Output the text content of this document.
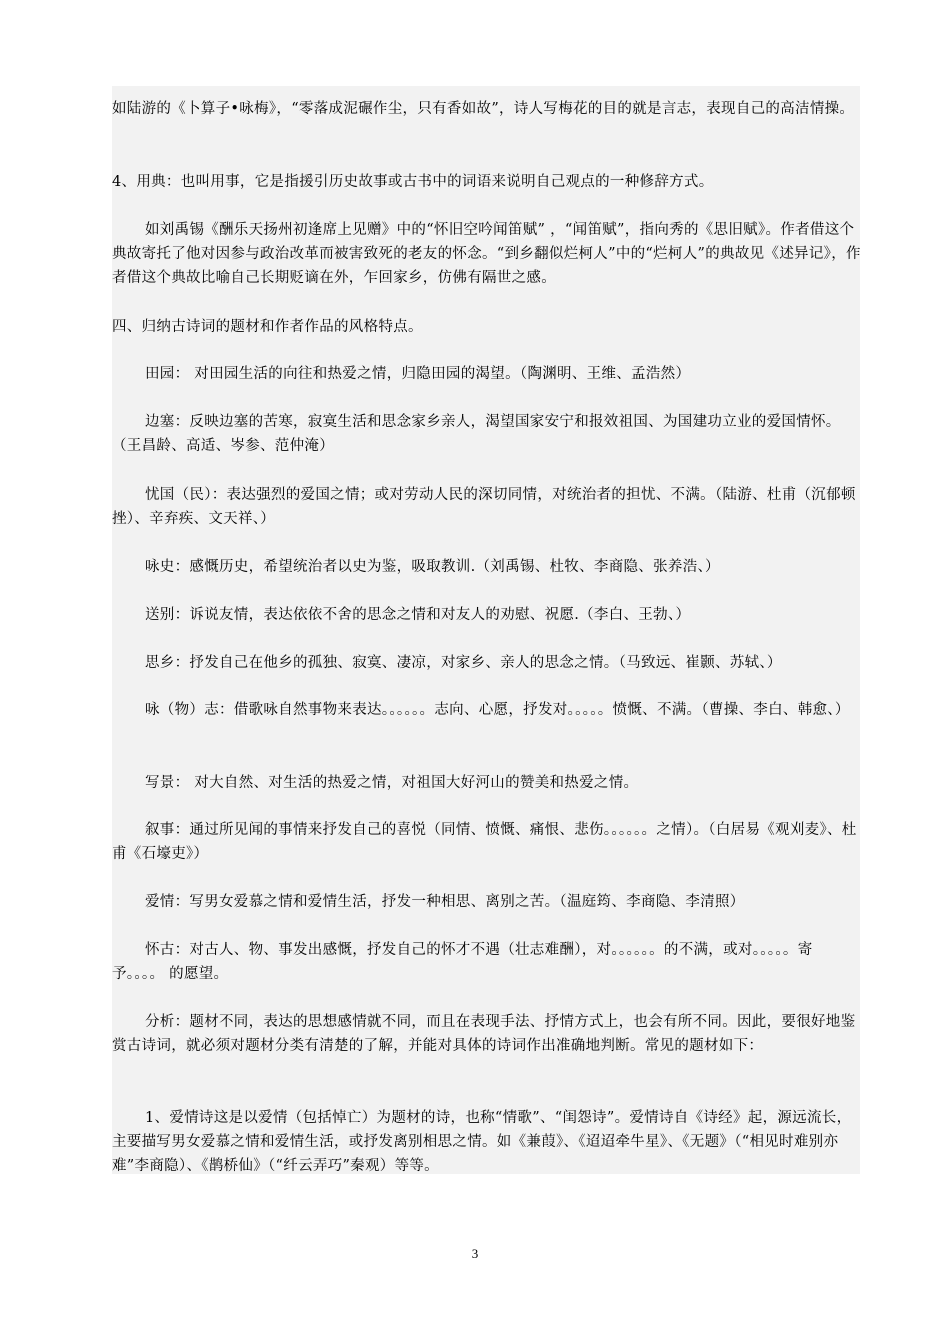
如陆游的《卜算子•咏梅》，“零落成泥碾作尘，只有香如故”，诗人写梅花的目的就是言志，表现自己的高洁情操。

4、用典：也叫用事，它是指援引历史故事或古书中的词语来说明自己观点的一种修辞方式。

如刘禹锡《酬乐天扬州初逢席上见赠》中的“怀旧空吟闻笛赋” ，“闻笛赋”，指向秀的《思旧赋》。作者借这个典故寄托了他对因参与政治改革而被害致死的老友的怀念。“到乡翻似烂柯人”中的“烂柯人”的典故见《述异记》，作者借这个典故比喻自己长期贬谪在外，乍回家乡，仿佛有隔世之感。

四、归纳古诗词的题材和作者作品的风格特点。

田园： 对田园生活的向往和热爱之情，归隐田园的渴望。（陶渊明、王维、孟浩然）

边塞：反映边塞的苦寒，寂寞生活和思念家乡亲人，渴望国家安宁和报效祖国、为国建功立业的爱国情怀。（王昌龄、高适、岑参、范仲淹）

忧国（民）：表达强烈的爱国之情；或对劳动人民的深切同情，对统治者的担忧、不满。（陆游、杜甫（沉郁顿挫）、辛弃疾、文天祥、）

咏史：感慨历史，希望统治者以史为鉴，吸取教训.（刘禹锡、杜牧、李商隐、张养浩、）

送别：诉说友情，表达依依不舍的思念之情和对友人的劝慰、祝愿.（李白、王勃、）

思乡：抒发自己在他乡的孤独、寂寞、凄凉，对家乡、亲人的思念之情。（马致远、崔颢、苏轼、）

咏（物）志：借歌咏自然事物来表达。。。。。。志向、心愿，抒发对。。。。。愤慨、不满。（曹操、李白、韩愈、）

写景： 对大自然、对生活的热爱之情，对祖国大好河山的赞美和热爱之情。

叙事：通过所见闻的事情来抒发自己的喜悦（同情、愤慨、痛恨、悲伤。。。。。。之情）。（白居易《观刈麦》、杜甫《石壕吏》）

爱情：写男女爱慕之情和爱情生活，抒发一种相思、离别之苦。（温庭筠、李商隐、李清照）

怀古：对古人、物、事发出感慨，抒发自己的怀才不遇（壮志难酬），对。。。。。。的不满，或对。。。。。寄予。。。。 的愿望。

分析：题材不同，表达的思想感情就不同，而且在表现手法、抒情方式上，也会有所不同。因此，要很好地鉴赏古诗词，就必须对题材分类有清楚的了解，并能对具体的诗词作出准确地判断。常见的题材如下：

1、爱情诗这是以爱情（包括悼亡）为题材的诗，也称“情歌”、“闺怨诗”。爱情诗自《诗经》起，源远流长，主要描写男女爱慕之情和爱情生活，或抒发离别相思之情。如《兼葭》、《迢迢牵牛星》、《无题》（“相见时难别亦难”李商隐）、《鹊桥仙》（“纤云弄巧”秦观）等等。

3
